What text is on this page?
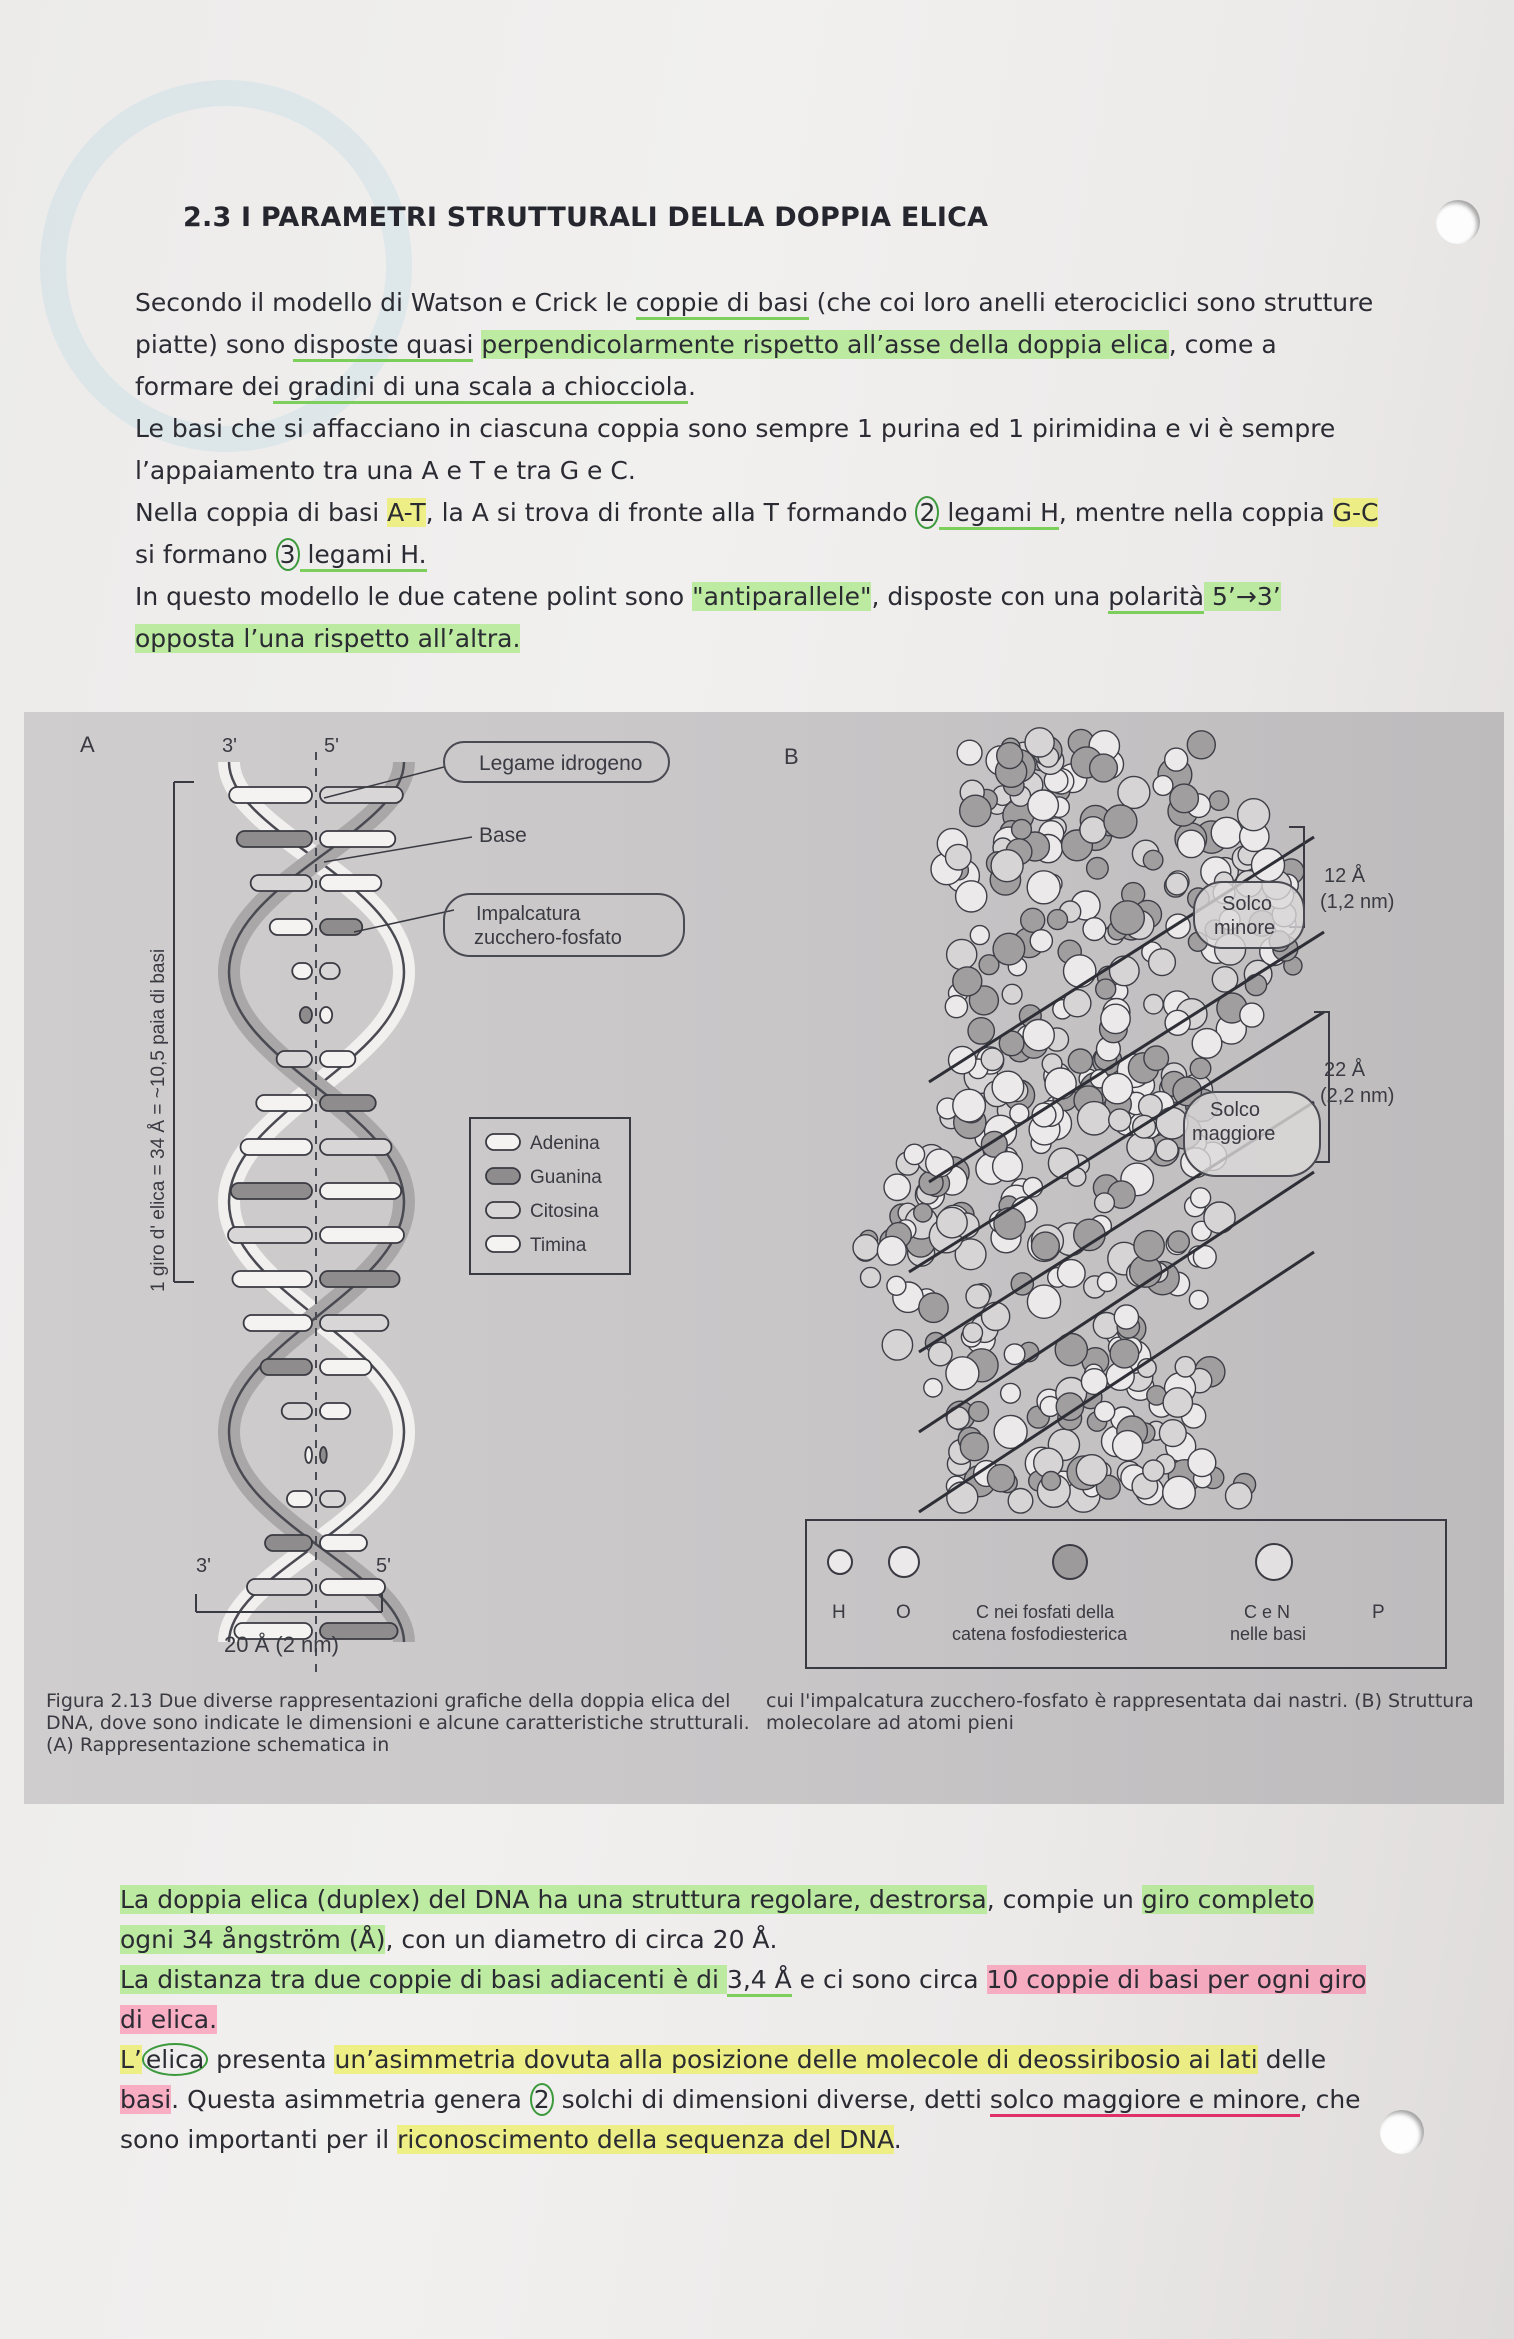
2.3 I PARAMETRI STRUTTURALI DELLA DOPPIA ELICA

Secondo il modello di Watson e Crick le coppie di basi (che coi loro anelli eterociclici sono strutture

piatte) sono disposte quasi perpendicolarmente rispetto all’asse della doppia elica, come a

formare dei gradini di una scala a chiocciola.

Le basi che si affacciano in ciascuna coppia sono sempre 1 purina ed 1 pirimidina e vi è sempre

l’appaiamento tra una A e T e tra G e C.

Nella coppia di basi A-T, la A si trova di fronte alla T formando 2 legami H, mentre nella coppia G-C

si formano 3 legami H.

In questo modello le due catene polint sono "antiparallele", disposte con una polarità 5’→3’

opposta l’una rispetto all’altra.

A	3'	5'
1 giro d' elica = 34 Å = ~10,5 paia di basi
Legame idrogeno
Base
Impalcatura
zucchero-fosfato
Adenina
Guanina
Citosina
Timina
3'	5'
20 Å (2 nm)
B
Solco
minore
12 Å
(1,2 nm)
Solco
maggiore
22 Å
(2,2 nm)
H	O	C nei fosfati della
catena fosfodiesterica
C e N
nelle basi
P
Figura 2.13 Due diverse rappresentazioni grafiche della doppia elica del DNA, dove sono indicate le dimensioni e alcune caratteristiche strutturali. (A) Rappresentazione schematica in
cui l'impalcatura zucchero-fosfato è rappresentata dai nastri. (B) Struttura molecolare ad atomi pieni

La doppia elica (duplex) del DNA ha una struttura regolare, destrorsa, compie un giro completo

ogni 34 ångström (Å), con un diametro di circa 20 Å.

La distanza tra due coppie di basi adiacenti è di 3,4 Å e ci sono circa 10 coppie di basi per ogni giro

di elica.

L’ elica presenta un’asimmetria dovuta alla posizione delle molecole di deossiribosio ai lati delle

basi. Questa asimmetria genera 2 solchi di dimensioni diverse, detti solco maggiore e minore, che

sono importanti per il riconoscimento della sequenza del DNA.
